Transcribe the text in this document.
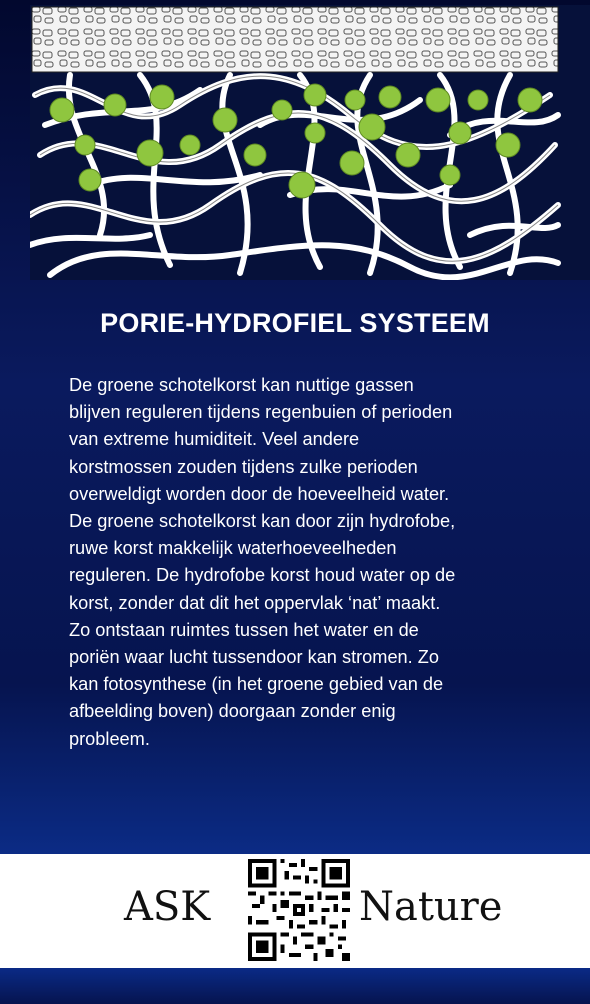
PORIE-HYDROFIEL SYSTEEM
De groene schotelkorst kan nuttige gassen
blijven reguleren tijdens regenbuien of perioden
van extreme humiditeit. Veel andere
korstmossen zouden tijdens zulke perioden
overweldigt worden door de hoeveelheid water.
De groene schotelkorst kan door zijn hydrofobe,
ruwe korst makkelijk waterhoeveelheden
reguleren. De hydrofobe korst houd water op de
korst, zonder dat dit het oppervlak ‘nat’ maakt.
Zo ontstaan ruimtes tussen het water en de
poriën waar lucht tussendoor kan stromen. Zo
kan fotosynthese (in het groene gebied van de
afbeelding boven) doorgaan zonder enig
probleem.
ASK	Nature
